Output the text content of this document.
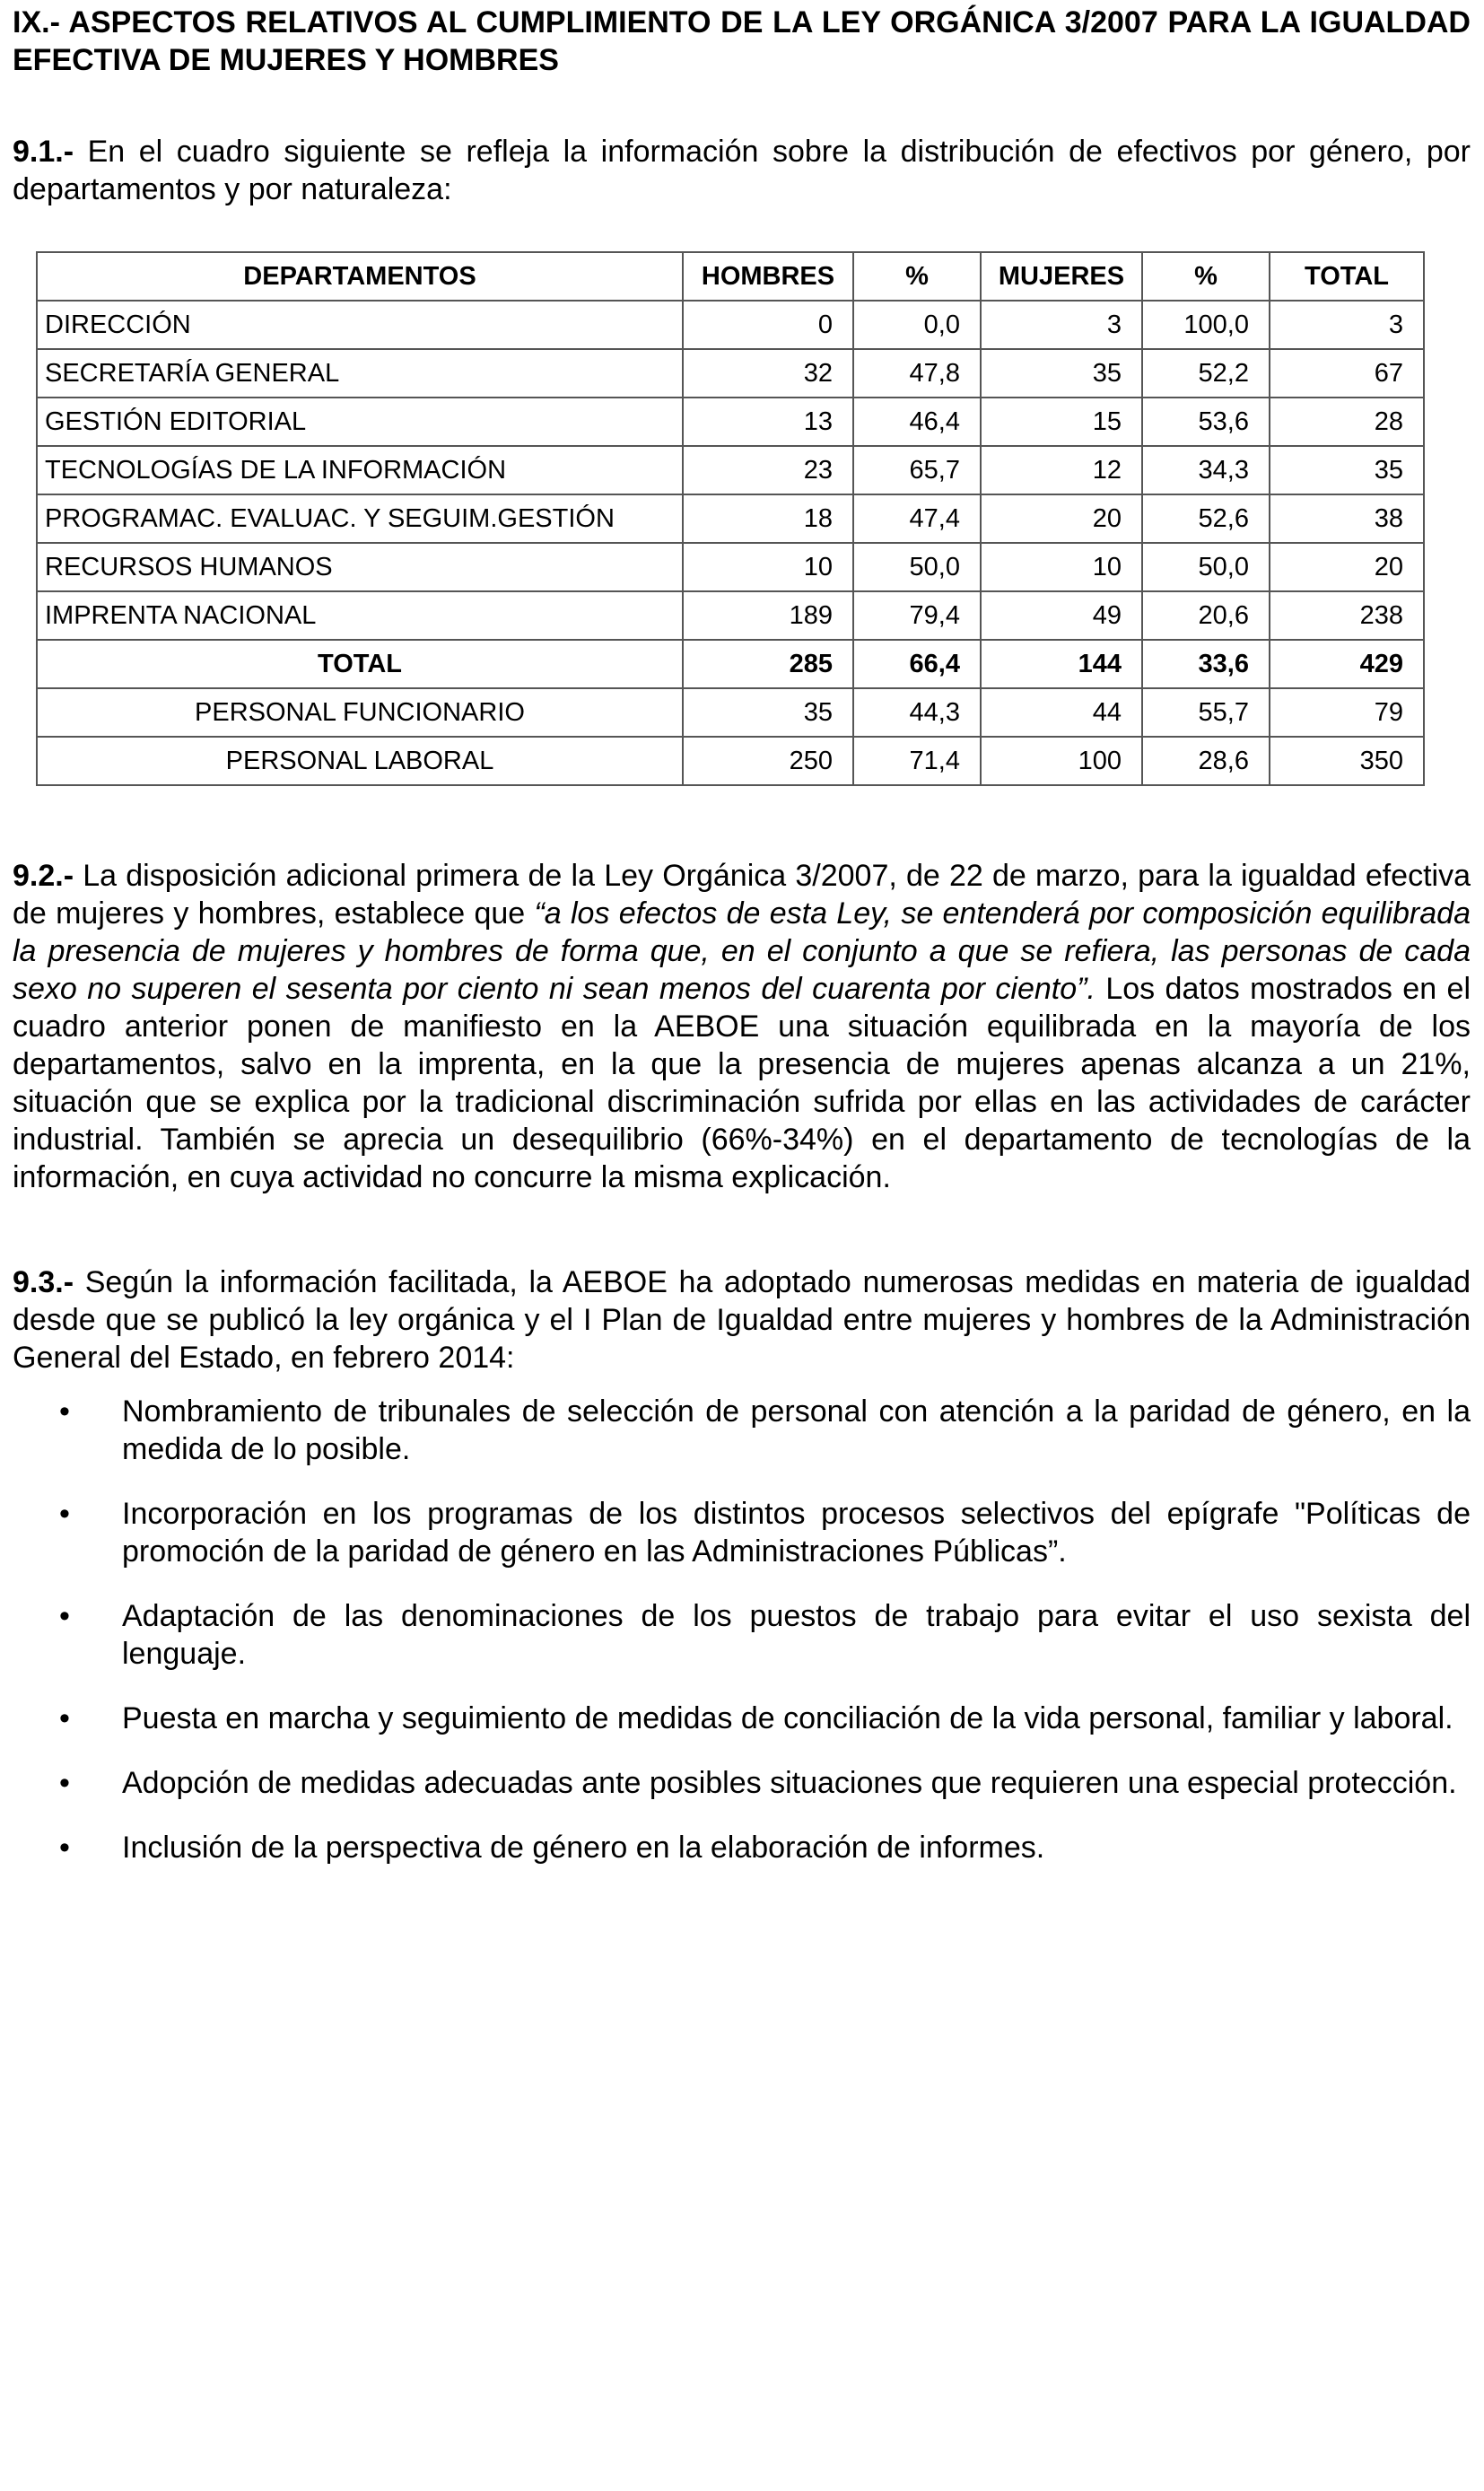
IX.- ASPECTOS RELATIVOS AL CUMPLIMIENTO DE LA LEY ORGÁNICA 3/2007 PARA LA IGUALDAD EFECTIVA DE MUJERES Y HOMBRES
9.1.- En el cuadro siguiente se refleja la información sobre la distribución de efectivos por género, por departamentos y por naturaleza:
DEPARTAMENTOS	HOMBRES	%	MUJERES	%	TOTAL
DIRECCIÓN	0	0,0	3	100,0	3
SECRETARÍA GENERAL	32	47,8	35	52,2	67
GESTIÓN EDITORIAL	13	46,4	15	53,6	28
TECNOLOGÍAS DE LA INFORMACIÓN	23	65,7	12	34,3	35
PROGRAMAC. EVALUAC. Y SEGUIM.GESTIÓN	18	47,4	20	52,6	38
RECURSOS HUMANOS	10	50,0	10	50,0	20
IMPRENTA NACIONAL	189	79,4	49	20,6	238
TOTAL	285	66,4	144	33,6	429
PERSONAL FUNCIONARIO	35	44,3	44	55,7	79
PERSONAL LABORAL	250	71,4	100	28,6	350
9.2.- La disposición adicional primera de la Ley Orgánica 3/2007, de 22 de marzo, para la igualdad efectiva de mujeres y hombres, establece que “a los efectos de esta Ley, se entenderá por composición equilibrada la presencia de mujeres y hombres de forma que, en el conjunto a que se refiera, las personas de cada sexo no superen el sesenta por ciento ni sean menos del cuarenta por ciento”. Los datos mostrados en el cuadro anterior ponen de manifiesto en la AEBOE una situación equilibrada en la mayoría de los departamentos, salvo en la imprenta, en la que la presencia de mujeres apenas alcanza a un 21%, situación que se explica por la tradicional discriminación sufrida por ellas en las actividades de carácter industrial. También se aprecia un desequilibrio (66%-34%) en el departamento de tecnologías de la información, en cuya actividad no concurre la misma explicación.
9.3.- Según la información facilitada, la AEBOE ha adoptado numerosas medidas en materia de igualdad desde que se publicó la ley orgánica y el I Plan de Igualdad entre mujeres y hombres de la Administración General del Estado, en febrero 2014:
• Nombramiento de tribunales de selección de personal con atención a la paridad de género, en la medida de lo posible.
• Incorporación en los programas de los distintos procesos selectivos del epígrafe "Políticas de promoción de la paridad de género en las Administraciones Públicas”.
• Adaptación de las denominaciones de los puestos de trabajo para evitar el uso sexista del lenguaje.
• Puesta en marcha y seguimiento de medidas de conciliación de la vida personal, familiar y laboral.
• Adopción de medidas adecuadas ante posibles situaciones que requieren una especial protección.
• Inclusión de la perspectiva de género en la elaboración de informes.
